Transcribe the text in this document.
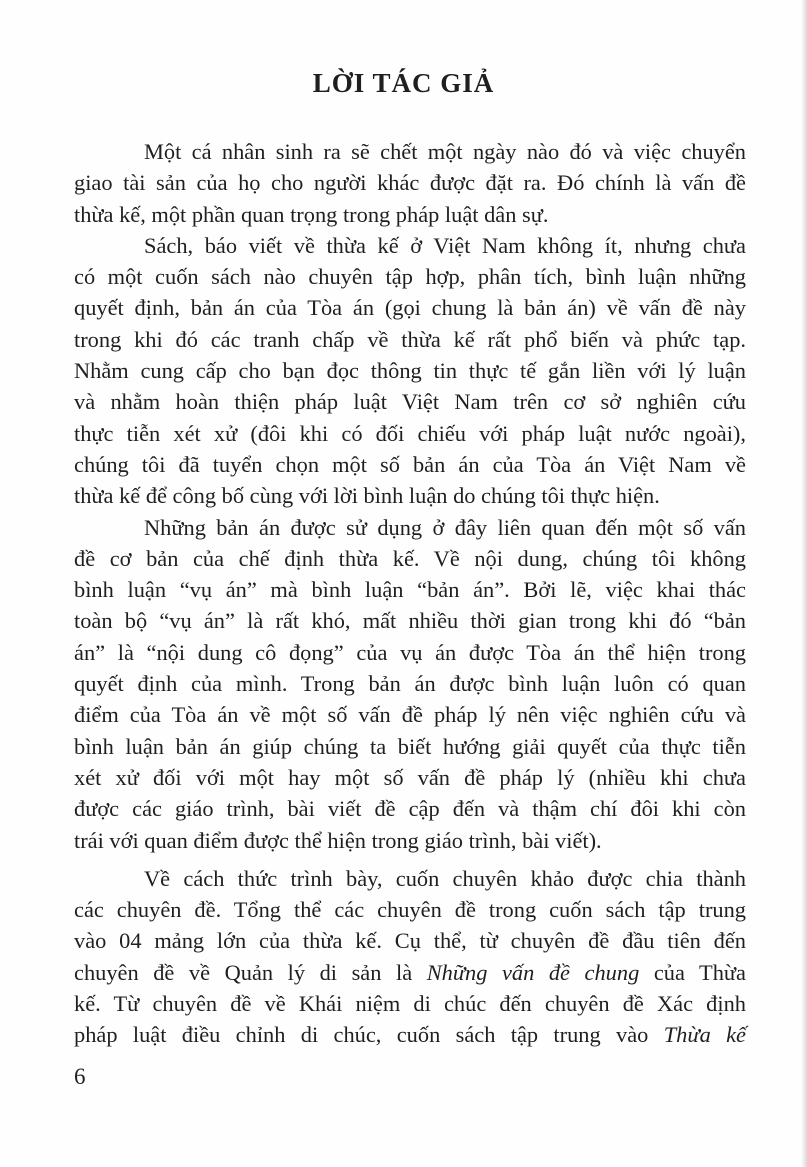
LỜI TÁC GIẢ

Một cá nhân sinh ra sẽ chết một ngày nào đó và việc chuyển
giao tài sản của họ cho người khác được đặt ra. Đó chính là vấn đề
thừa kế, một phần quan trọng trong pháp luật dân sự.

Sách, báo viết về thừa kế ở Việt Nam không ít, nhưng chưa
có một cuốn sách nào chuyên tập hợp, phân tích, bình luận những
quyết định, bản án của Tòa án (gọi chung là bản án) về vấn đề này
trong khi đó các tranh chấp về thừa kế rất phổ biến và phức tạp.
Nhằm cung cấp cho bạn đọc thông tin thực tế gắn liền với lý luận
và nhằm hoàn thiện pháp luật Việt Nam trên cơ sở nghiên cứu
thực tiễn xét xử (đôi khi có đối chiếu với pháp luật nước ngoài),
chúng tôi đã tuyển chọn một số bản án của Tòa án Việt Nam về
thừa kế để công bố cùng với lời bình luận do chúng tôi thực hiện.

Những bản án được sử dụng ở đây liên quan đến một số vấn
đề cơ bản của chế định thừa kế. Về nội dung, chúng tôi không
bình luận “vụ án” mà bình luận “bản án”. Bởi lẽ, việc khai thác
toàn bộ “vụ án” là rất khó, mất nhiều thời gian trong khi đó “bản
án” là “nội dung cô đọng” của vụ án được Tòa án thể hiện trong
quyết định của mình. Trong bản án được bình luận luôn có quan
điểm của Tòa án về một số vấn đề pháp lý nên việc nghiên cứu và
bình luận bản án giúp chúng ta biết hướng giải quyết của thực tiễn
xét xử đối với một hay một số vấn đề pháp lý (nhiều khi chưa
được các giáo trình, bài viết đề cập đến và thậm chí đôi khi còn
trái với quan điểm được thể hiện trong giáo trình, bài viết).

Về cách thức trình bày, cuốn chuyên khảo được chia thành
các chuyên đề. Tổng thể các chuyên đề trong cuốn sách tập trung
vào 04 mảng lớn của thừa kế. Cụ thể, từ chuyên đề đầu tiên đến
chuyên đề về Quản lý di sản là Những vấn đề chung của Thừa
kế. Từ chuyên đề về Khái niệm di chúc đến chuyên đề Xác định
pháp luật điều chỉnh di chúc, cuốn sách tập trung vào Thừa kế

6
